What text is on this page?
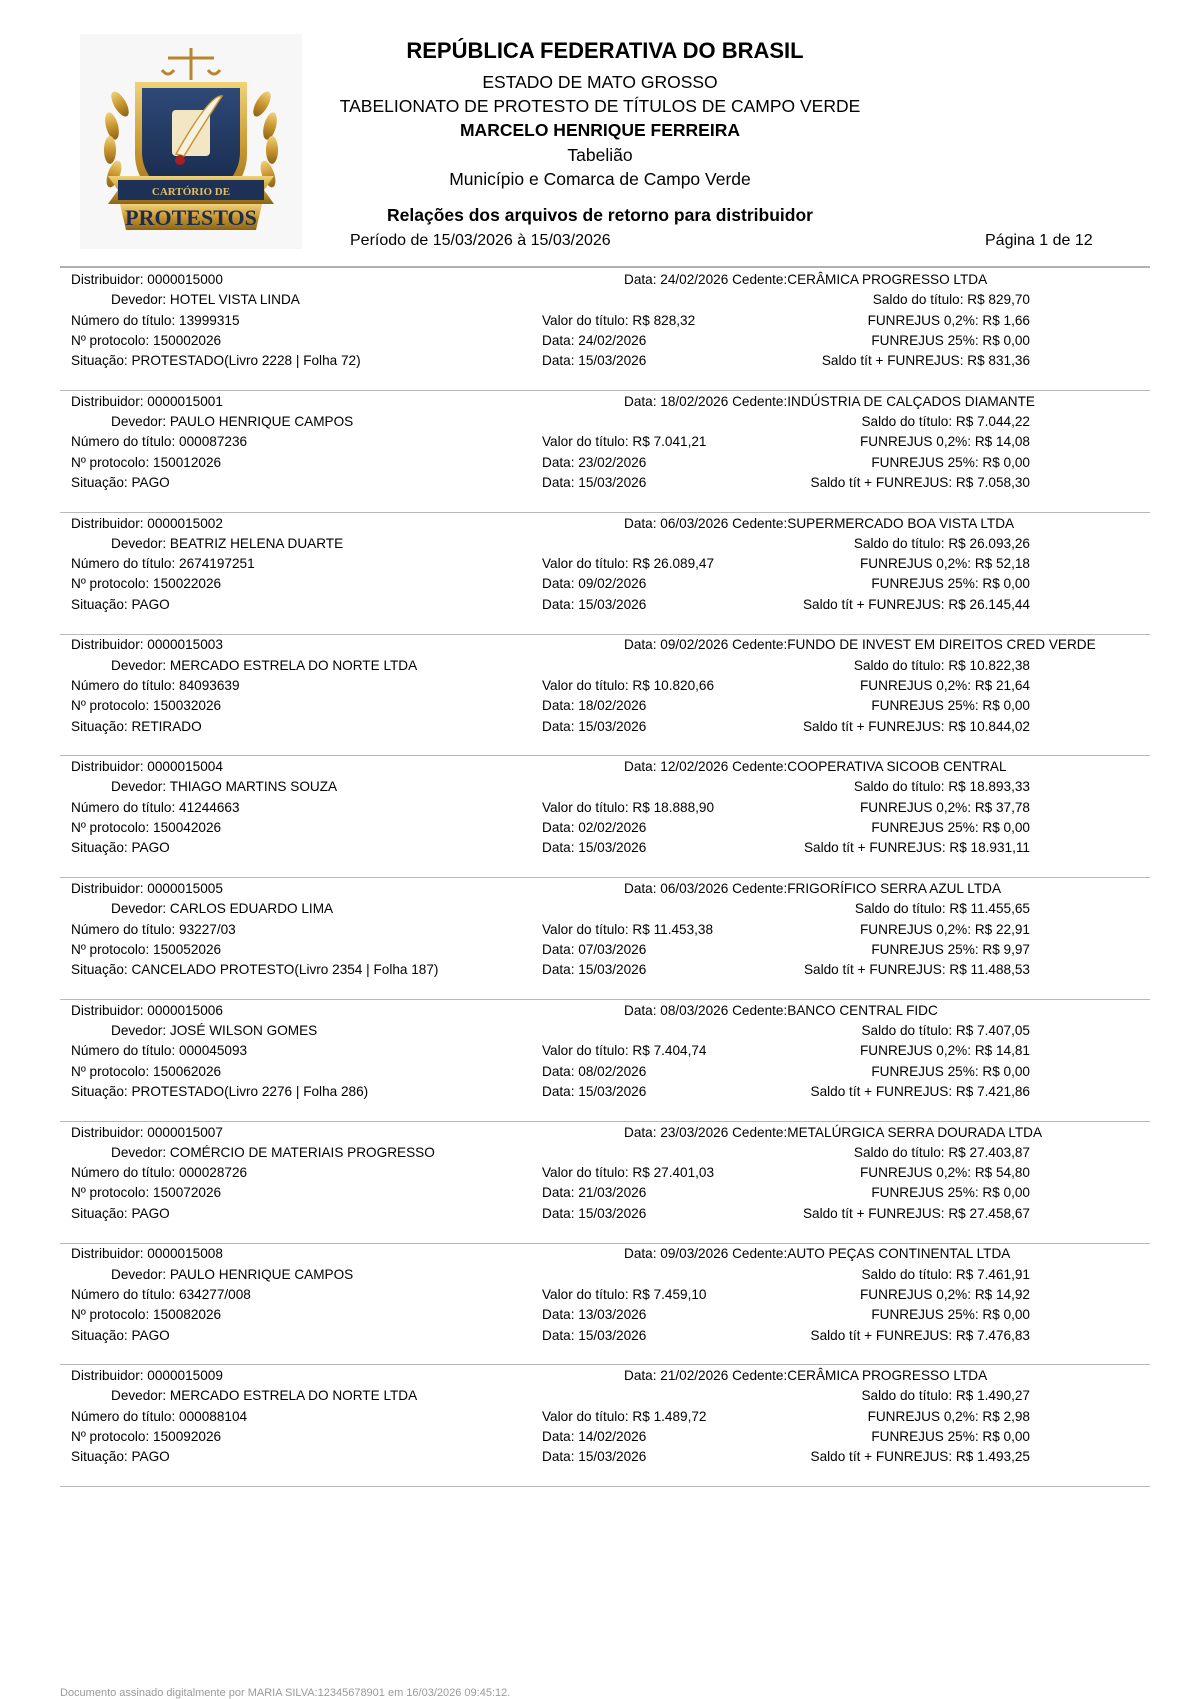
CARTÓRIO DE
PROTESTOS
REPÚBLICA FEDERATIVA DO BRASIL
ESTADO DE MATO GROSSO
TABELIONATO DE PROTESTO DE TÍTULOS DE CAMPO VERDE
MARCELO HENRIQUE FERREIRA
Tabelião
Município e Comarca de Campo Verde
Relações dos arquivos de retorno para distribuidor
Período de 15/03/2026 à 15/03/2026	Página 1 de 12
Distribuidor: 0000015000	Data: 24/02/2026 Cedente:CERÂMICA PROGRESSO LTDA
Devedor: HOTEL VISTA LINDA	Saldo do título: R$ 829,70
Número do título: 13999315	Valor do título: R$ 828,32	FUNREJUS 0,2%: R$ 1,66
Nº protocolo: 150002026	Data: 24/02/2026	FUNREJUS 25%: R$ 0,00
Situação: PROTESTADO(Livro 2228 | Folha 72)	Data: 15/03/2026	Saldo tít + FUNREJUS: R$ 831,36
Distribuidor: 0000015001	Data: 18/02/2026 Cedente:INDÚSTRIA DE CALÇADOS DIAMANTE
Devedor: PAULO HENRIQUE CAMPOS	Saldo do título: R$ 7.044,22
Número do título: 000087236	Valor do título: R$ 7.041,21	FUNREJUS 0,2%: R$ 14,08
Nº protocolo: 150012026	Data: 23/02/2026	FUNREJUS 25%: R$ 0,00
Situação: PAGO	Data: 15/03/2026	Saldo tít + FUNREJUS: R$ 7.058,30
Distribuidor: 0000015002	Data: 06/03/2026 Cedente:SUPERMERCADO BOA VISTA LTDA
Devedor: BEATRIZ HELENA DUARTE	Saldo do título: R$ 26.093,26
Número do título: 2674197251	Valor do título: R$ 26.089,47	FUNREJUS 0,2%: R$ 52,18
Nº protocolo: 150022026	Data: 09/02/2026	FUNREJUS 25%: R$ 0,00
Situação: PAGO	Data: 15/03/2026	Saldo tít + FUNREJUS: R$ 26.145,44
Distribuidor: 0000015003	Data: 09/02/2026 Cedente:FUNDO DE INVEST EM DIREITOS CRED VERDE
Devedor: MERCADO ESTRELA DO NORTE LTDA	Saldo do título: R$ 10.822,38
Número do título: 84093639	Valor do título: R$ 10.820,66	FUNREJUS 0,2%: R$ 21,64
Nº protocolo: 150032026	Data: 18/02/2026	FUNREJUS 25%: R$ 0,00
Situação: RETIRADO	Data: 15/03/2026	Saldo tít + FUNREJUS: R$ 10.844,02
Distribuidor: 0000015004	Data: 12/02/2026 Cedente:COOPERATIVA SICOOB CENTRAL
Devedor: THIAGO MARTINS SOUZA	Saldo do título: R$ 18.893,33
Número do título: 41244663	Valor do título: R$ 18.888,90	FUNREJUS 0,2%: R$ 37,78
Nº protocolo: 150042026	Data: 02/02/2026	FUNREJUS 25%: R$ 0,00
Situação: PAGO	Data: 15/03/2026	Saldo tít + FUNREJUS: R$ 18.931,11
Distribuidor: 0000015005	Data: 06/03/2026 Cedente:FRIGORÍFICO SERRA AZUL LTDA
Devedor: CARLOS EDUARDO LIMA	Saldo do título: R$ 11.455,65
Número do título: 93227/03	Valor do título: R$ 11.453,38	FUNREJUS 0,2%: R$ 22,91
Nº protocolo: 150052026	Data: 07/03/2026	FUNREJUS 25%: R$ 9,97
Situação: CANCELADO PROTESTO(Livro 2354 | Folha 187)	Data: 15/03/2026	Saldo tít + FUNREJUS: R$ 11.488,53
Distribuidor: 0000015006	Data: 08/03/2026 Cedente:BANCO CENTRAL FIDC
Devedor: JOSÉ WILSON GOMES	Saldo do título: R$ 7.407,05
Número do título: 000045093	Valor do título: R$ 7.404,74	FUNREJUS 0,2%: R$ 14,81
Nº protocolo: 150062026	Data: 08/02/2026	FUNREJUS 25%: R$ 0,00
Situação: PROTESTADO(Livro 2276 | Folha 286)	Data: 15/03/2026	Saldo tít + FUNREJUS: R$ 7.421,86
Distribuidor: 0000015007	Data: 23/03/2026 Cedente:METALÚRGICA SERRA DOURADA LTDA
Devedor: COMÉRCIO DE MATERIAIS PROGRESSO	Saldo do título: R$ 27.403,87
Número do título: 000028726	Valor do título: R$ 27.401,03	FUNREJUS 0,2%: R$ 54,80
Nº protocolo: 150072026	Data: 21/03/2026	FUNREJUS 25%: R$ 0,00
Situação: PAGO	Data: 15/03/2026	Saldo tít + FUNREJUS: R$ 27.458,67
Distribuidor: 0000015008	Data: 09/03/2026 Cedente:AUTO PEÇAS CONTINENTAL LTDA
Devedor: PAULO HENRIQUE CAMPOS	Saldo do título: R$ 7.461,91
Número do título: 634277/008	Valor do título: R$ 7.459,10	FUNREJUS 0,2%: R$ 14,92
Nº protocolo: 150082026	Data: 13/03/2026	FUNREJUS 25%: R$ 0,00
Situação: PAGO	Data: 15/03/2026	Saldo tít + FUNREJUS: R$ 7.476,83
Distribuidor: 0000015009	Data: 21/02/2026 Cedente:CERÂMICA PROGRESSO LTDA
Devedor: MERCADO ESTRELA DO NORTE LTDA	Saldo do título: R$ 1.490,27
Número do título: 000088104	Valor do título: R$ 1.489,72	FUNREJUS 0,2%: R$ 2,98
Nº protocolo: 150092026	Data: 14/02/2026	FUNREJUS 25%: R$ 0,00
Situação: PAGO	Data: 15/03/2026	Saldo tít + FUNREJUS: R$ 1.493,25
Documento assinado digitalmente por MARIA SILVA:12345678901 em 16/03/2026 09:45:12.
